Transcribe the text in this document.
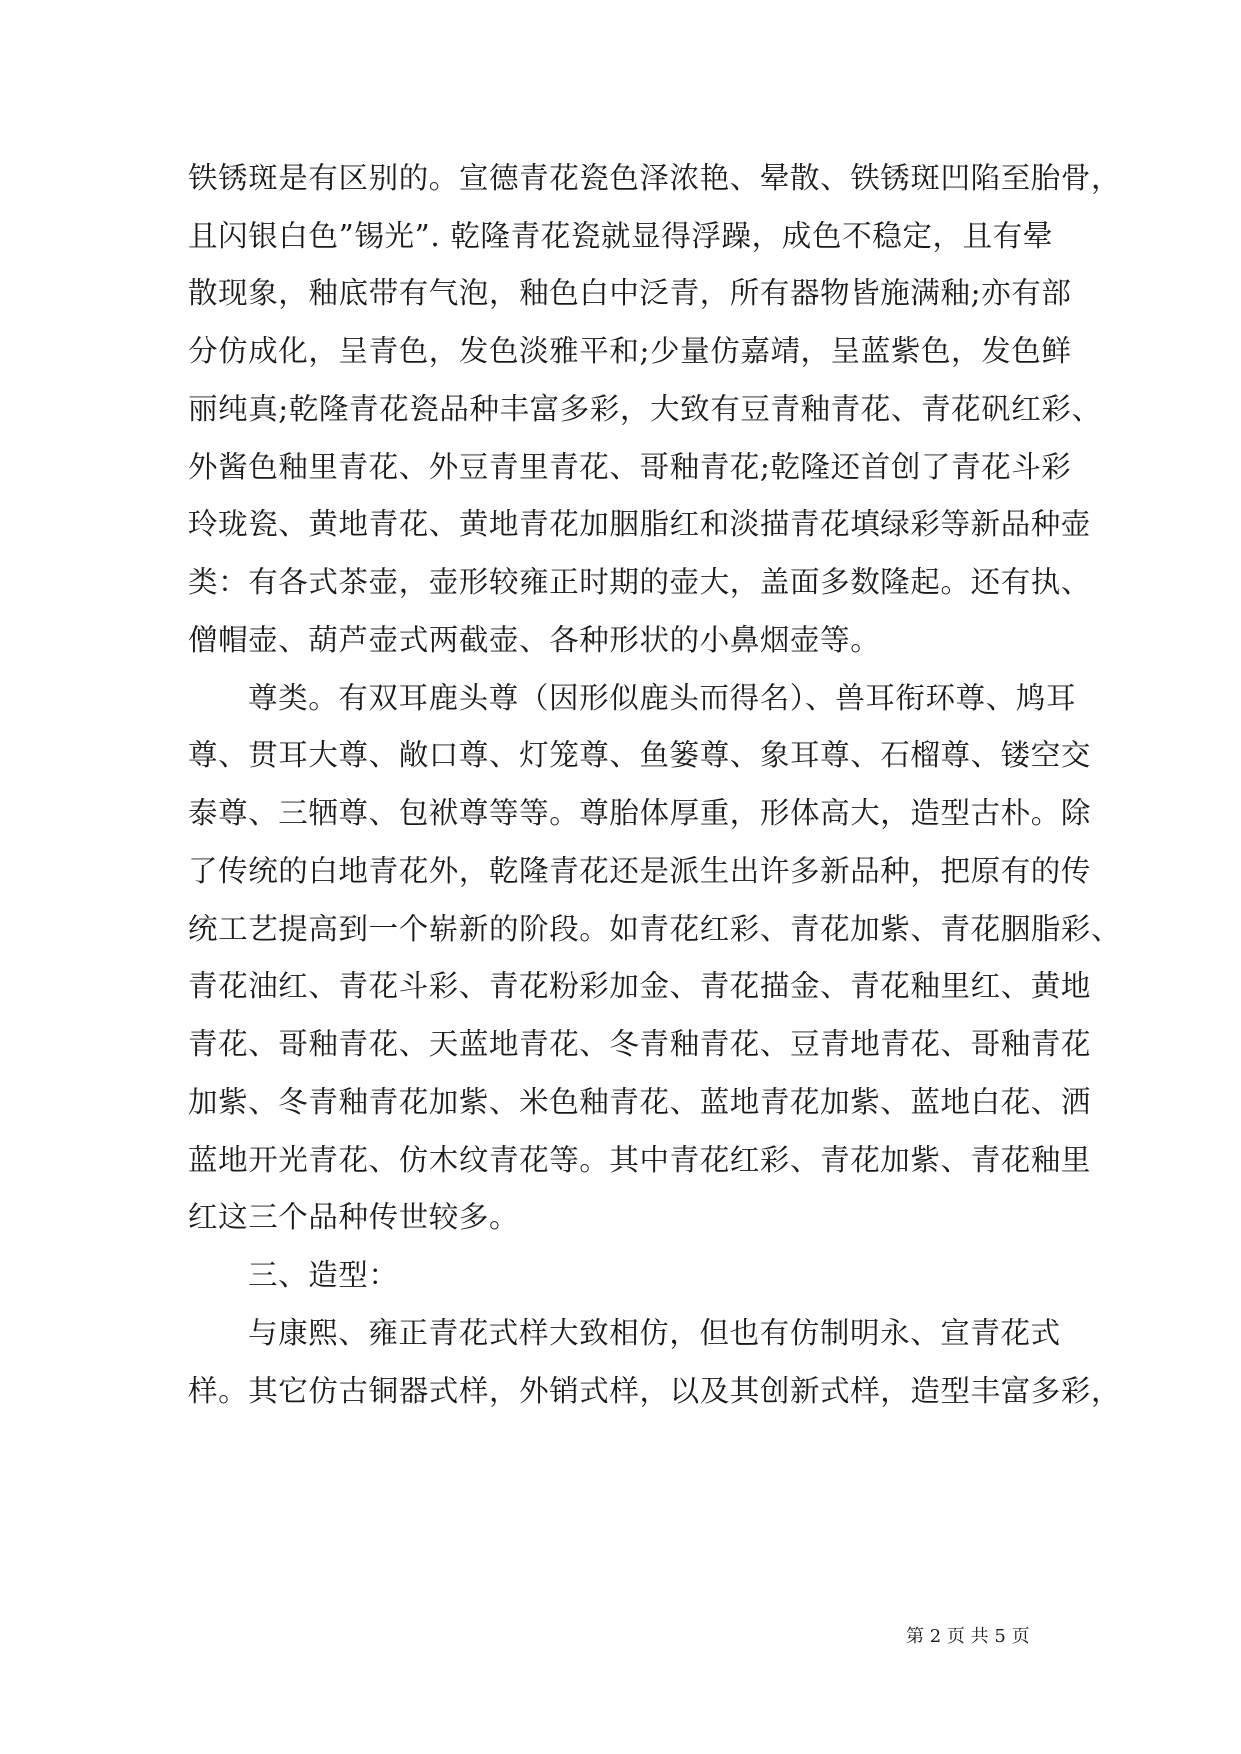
铁锈斑是有区别的。宣德青花瓷色泽浓艳、晕散、铁锈斑凹陷至胎骨，
且闪银白色”锡光”. 乾隆青花瓷就显得浮躁，成色不稳定，且有晕
散现象，釉底带有气泡，釉色白中泛青，所有器物皆施满釉;亦有部
分仿成化，呈青色，发色淡雅平和;少量仿嘉靖，呈蓝紫色，发色鲜
丽纯真;乾隆青花瓷品种丰富多彩，大致有豆青釉青花、青花矾红彩、
外酱色釉里青花、外豆青里青花、哥釉青花;乾隆还首创了青花斗彩
玲珑瓷、黄地青花、黄地青花加胭脂红和淡描青花填绿彩等新品种壶
类：有各式茶壶，壶形较雍正时期的壶大，盖面多数隆起。还有执、
僧帽壶、葫芦壶式两截壶、各种形状的小鼻烟壶等。
尊类。有双耳鹿头尊（因形似鹿头而得名）、兽耳衔环尊、鸠耳
尊、贯耳大尊、敞口尊、灯笼尊、鱼篓尊、象耳尊、石榴尊、镂空交
泰尊、三牺尊、包袱尊等等。尊胎体厚重，形体高大，造型古朴。除
了传统的白地青花外，乾隆青花还是派生出许多新品种，把原有的传
统工艺提高到一个崭新的阶段。如青花红彩、青花加紫、青花胭脂彩、
青花油红、青花斗彩、青花粉彩加金、青花描金、青花釉里红、黄地
青花、哥釉青花、天蓝地青花、冬青釉青花、豆青地青花、哥釉青花
加紫、冬青釉青花加紫、米色釉青花、蓝地青花加紫、蓝地白花、洒
蓝地开光青花、仿木纹青花等。其中青花红彩、青花加紫、青花釉里
红这三个品种传世较多。
三、造型：
与康熙、雍正青花式样大致相仿，但也有仿制明永、宣青花式
样。其它仿古铜器式样，外销式样，以及其创新式样，造型丰富多彩，
第 2 页 共 5 页
